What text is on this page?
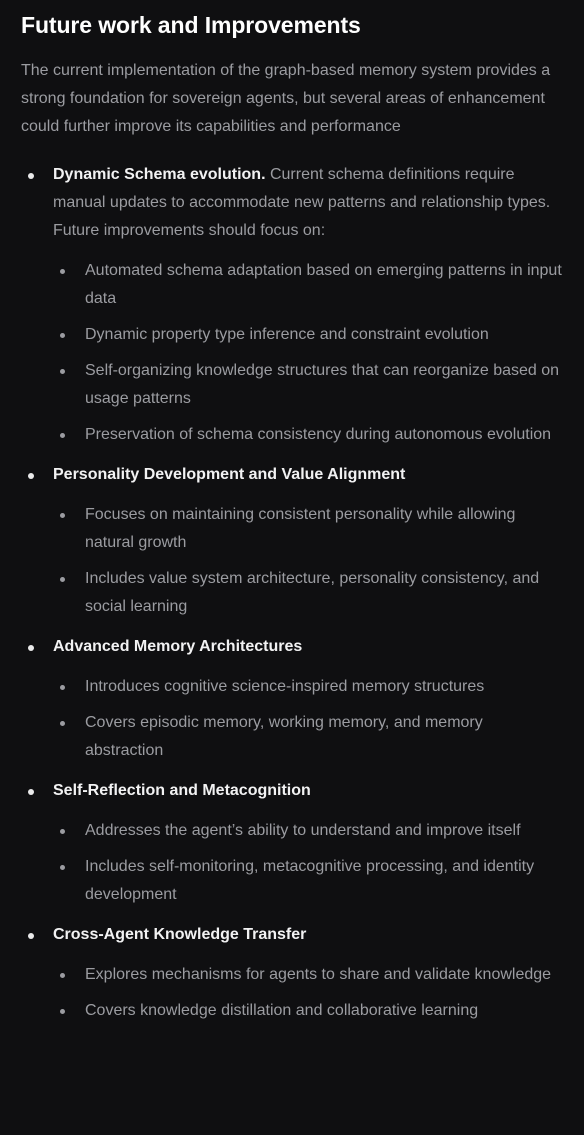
Future work and Improvements

The current implementation of the graph-based memory system provides a strong foundation for sovereign agents, but several areas of enhancement could further improve its capabilities and performance

Dynamic Schema evolution. Current schema definitions require manual updates to accommodate new patterns and relationship types. Future improvements should focus on:
Automated schema adaptation based on emerging patterns in input data
Dynamic property type inference and constraint evolution
Self-organizing knowledge structures that can reorganize based on usage patterns
Preservation of schema consistency during autonomous evolution
Personality Development and Value Alignment
Focuses on maintaining consistent personality while allowing natural growth
Includes value system architecture, personality consistency, and social learning
Advanced Memory Architectures
Introduces cognitive science-inspired memory structures
Covers episodic memory, working memory, and memory abstraction
Self-Reflection and Metacognition
Addresses the agent’s ability to understand and improve itself
Includes self-monitoring, metacognitive processing, and identity development
Cross-Agent Knowledge Transfer
Explores mechanisms for agents to share and validate knowledge
Covers knowledge distillation and collaborative learning
